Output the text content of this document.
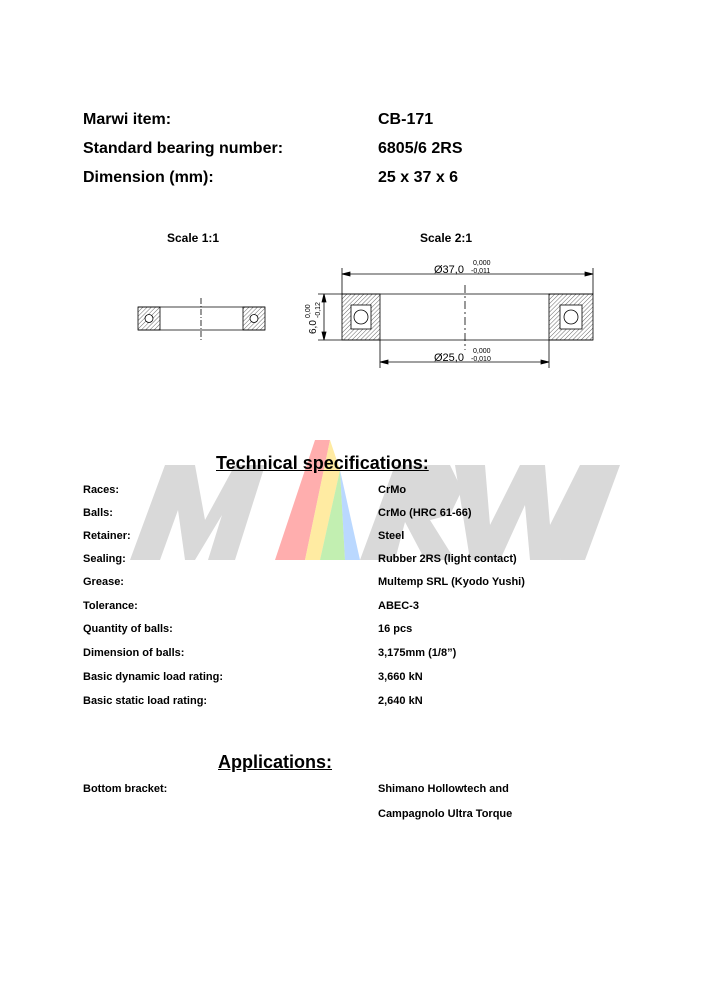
Marwi item:	CB-171
Standard bearing number:	6805/6 2RS
Dimension (mm):	25 x 37 x 6
Scale 1:1	Scale 2:1
Ø37,0
0,000
-0,011
Ø25,0
0,000
-0,010
6,0
0,00 -0,12
Technical specifications:
Races:	CrMo
Balls:	CrMo (HRC 61-66)
Retainer:	Steel
Sealing:	Rubber 2RS (light contact)
Grease:	Multemp SRL (Kyodo Yushi)
Tolerance:	ABEC-3
Quantity of balls:	16 pcs
Dimension of balls:	3,175mm (1/8”)
Basic dynamic load rating:	3,660 kN
Basic static load rating:	2,640 kN
Applications:
Bottom bracket:	Shimano Hollowtech and
Campagnolo Ultra Torque
